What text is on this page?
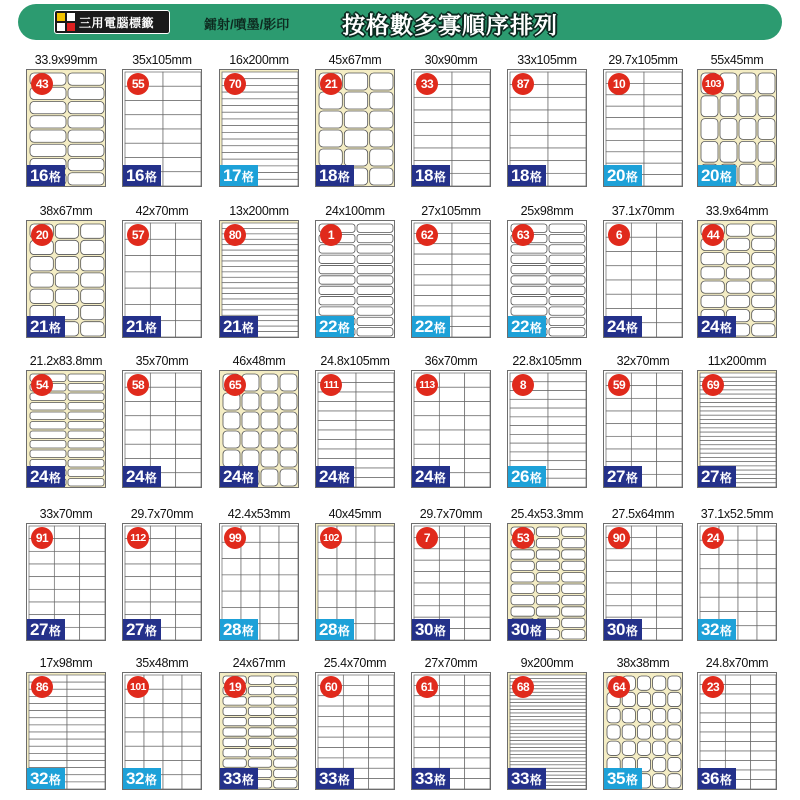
三用電腦標籤	鐳射/噴墨/影印 按格數多寡順序排列
33.9x99mm
43
16 格
35x105mm
55
16 格
16x200mm
70
17 格
45x67mm
21
18 格
30x90mm
33
18 格
33x105mm
87
18 格
29.7x105mm
10
20 格
55x45mm
103
20 格
38x67mm
20
21 格
42x70mm
57
21 格
13x200mm
80
21 格
24x100mm
1
22 格
27x105mm
62
22 格
25x98mm
63
22 格
37.1x70mm
6
24 格
33.9x64mm
44
24 格
21.2x83.8mm
54
24 格
35x70mm
58
24 格
46x48mm
65
24 格
24.8x105mm
111
24 格
36x70mm
113
24 格
22.8x105mm
8
26 格
32x70mm
59
27 格
11x200mm
69
27 格
33x70mm
91
27 格
29.7x70mm
112
27 格
42.4x53mm
99
28 格
40x45mm
102
28 格
29.7x70mm
7
30 格
25.4x53.3mm
53
30 格
27.5x64mm
90
30 格
37.1x52.5mm
24
32 格
17x98mm
86
32 格
35x48mm
101
32 格
24x67mm
19
33 格
25.4x70mm
60
33 格
27x70mm
61
33 格
9x200mm
68
33 格
38x38mm
64
35 格
24.8x70mm
23
36 格
